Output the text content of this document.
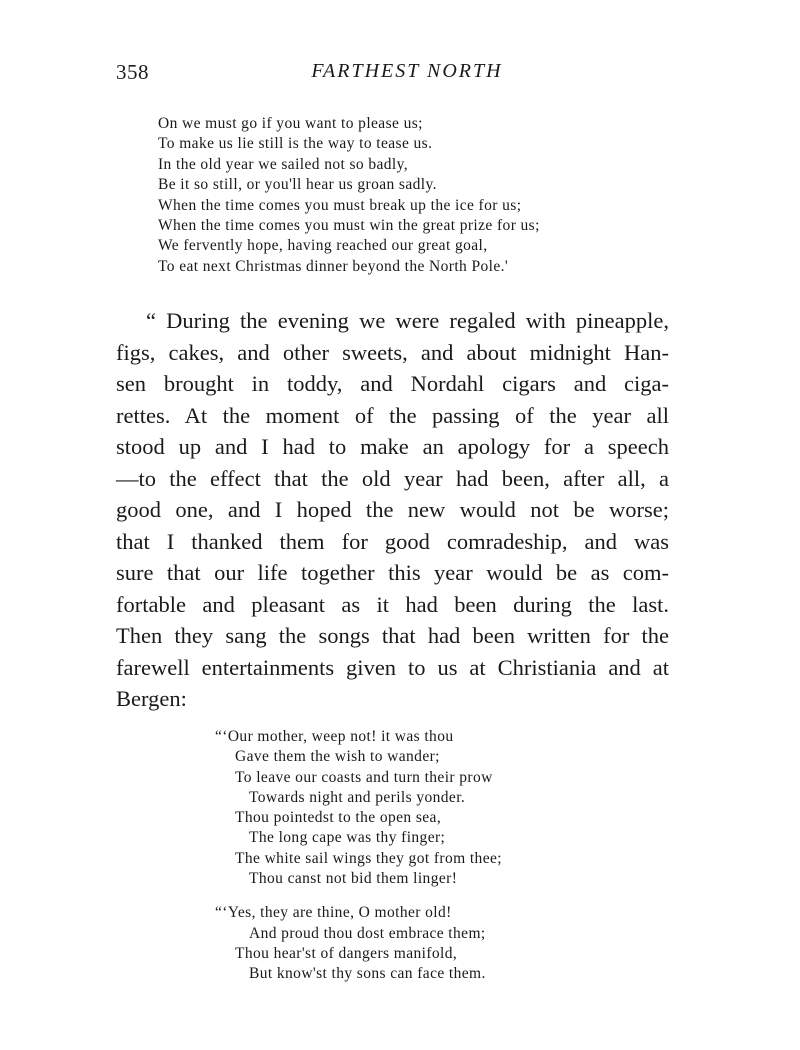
358	FARTHEST NORTH
On we must go if you want to please us;
To make us lie still is the way to tease us.
In the old year we sailed not so badly,
Be it so still, or you'll hear us groan sadly.
When the time comes you must break up the ice for us;
When the time comes you must win the great prize for us;
We fervently hope, having reached our great goal,
To eat next Christmas dinner beyond the North Pole.'
“ During the evening we were regaled with pineapple,
figs, cakes, and other sweets, and about midnight Han-
sen brought in toddy, and Nordahl cigars and ciga-
rettes. At the moment of the passing of the year all
stood up and I had to make an apology for a speech
—to the effect that the old year had been, after all, a
good one, and I hoped the new would not be worse;
that I thanked them for good comradeship, and was
sure that our life together this year would be as com-
fortable and pleasant as it had been during the last.
Then they sang the songs that had been written for the
farewell entertainments given to us at Christiania and at
Bergen:
“‘Our mother, weep not! it was thou
Gave them the wish to wander;
To leave our coasts and turn their prow
Towards night and perils yonder.
Thou pointedst to the open sea,
The long cape was thy finger;
The white sail wings they got from thee;
Thou canst not bid them linger!
“‘Yes, they are thine, O mother old!
And proud thou dost embrace them;
Thou hear'st of dangers manifold,
But know'st thy sons can face them.
